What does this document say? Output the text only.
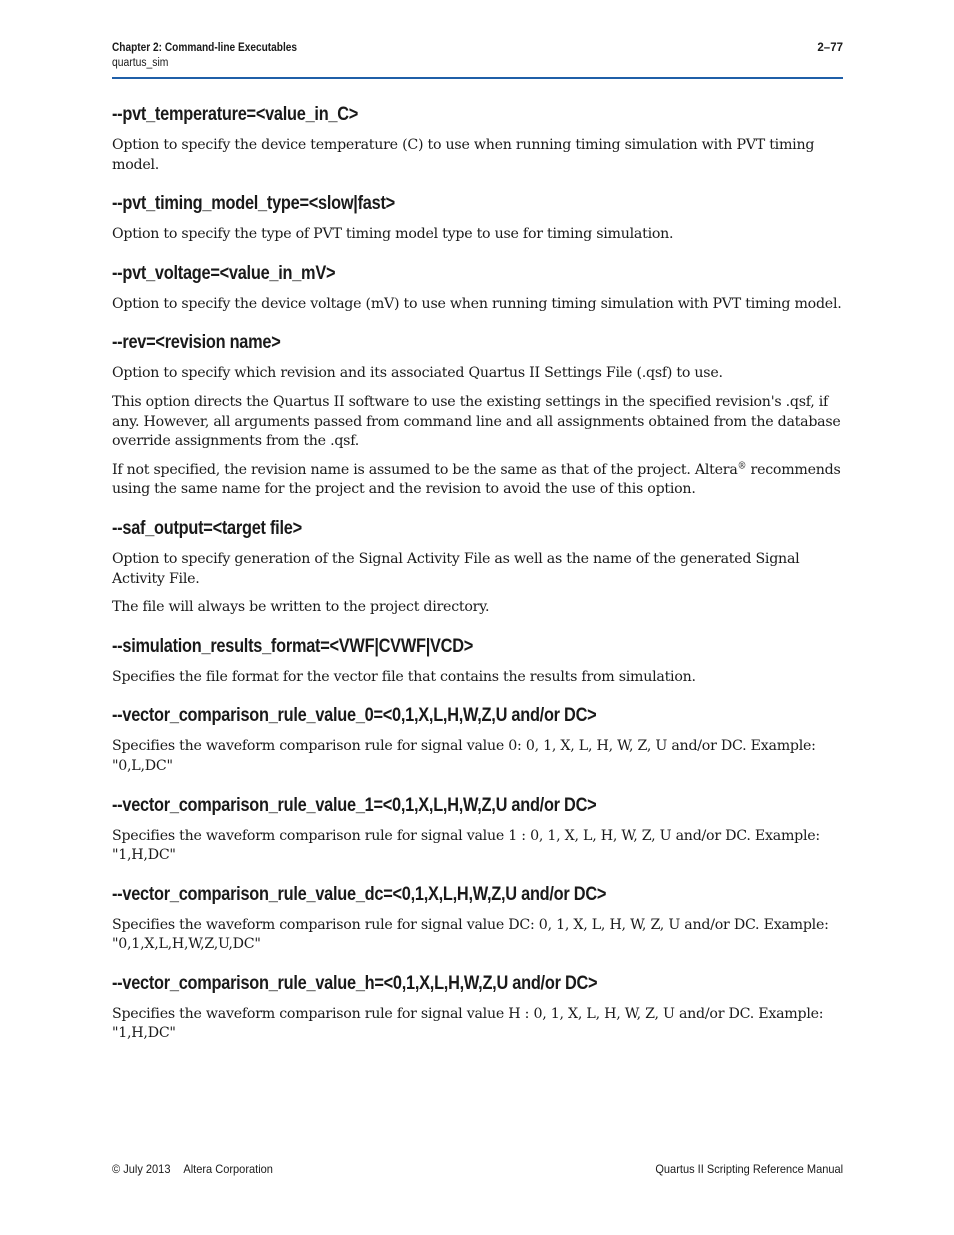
Chapter 2: Command-line Executables	2–77
quartus_sim
--pvt_temperature=<value_in_C>

Option to specify the device temperature (C) to use when running timing simulation with PVT timing model.

--pvt_timing_model_type=<slow|fast>

Option to specify the type of PVT timing model type to use for timing simulation.

--pvt_voltage=<value_in_mV>

Option to specify the device voltage (mV) to use when running timing simulation with PVT timing model.

--rev=<revision name>

Option to specify which revision and its associated Quartus II Settings File (.qsf) to use.

This option directs the Quartus II software to use the existing settings in the specified revision's .qsf, if any. However, all arguments passed from command line and all assignments obtained from the database override assignments from the .qsf.

If not specified, the revision name is assumed to be the same as that of the project. Altera® recommends using the same name for the project and the revision to avoid the use of this option.

--saf_output=<target file>

Option to specify generation of the Signal Activity File as well as the name of the generated Signal Activity File.

The file will always be written to the project directory.

--simulation_results_format=<VWF|CVWF|VCD>

Specifies the file format for the vector file that contains the results from simulation.

--vector_comparison_rule_value_0=<0,1,X,L,H,W,Z,U and/or DC>

Specifies the waveform comparison rule for signal value 0: 0, 1, X, L, H, W, Z, U and/or DC. Example: "0,L,DC"

--vector_comparison_rule_value_1=<0,1,X,L,H,W,Z,U and/or DC>

Specifies the waveform comparison rule for signal value 1 : 0, 1, X, L, H, W, Z, U and/or DC. Example: "1,H,DC"

--vector_comparison_rule_value_dc=<0,1,X,L,H,W,Z,U and/or DC>

Specifies the waveform comparison rule for signal value DC: 0, 1, X, L, H, W, Z, U and/or DC. Example: "0,1,X,L,H,W,Z,U,DC"

--vector_comparison_rule_value_h=<0,1,X,L,H,W,Z,U and/or DC>

Specifies the waveform comparison rule for signal value H : 0, 1, X, L, H, W, Z, U and/or DC. Example: "1,H,DC"

© July 2013 Altera Corporation	Quartus II Scripting Reference Manual
